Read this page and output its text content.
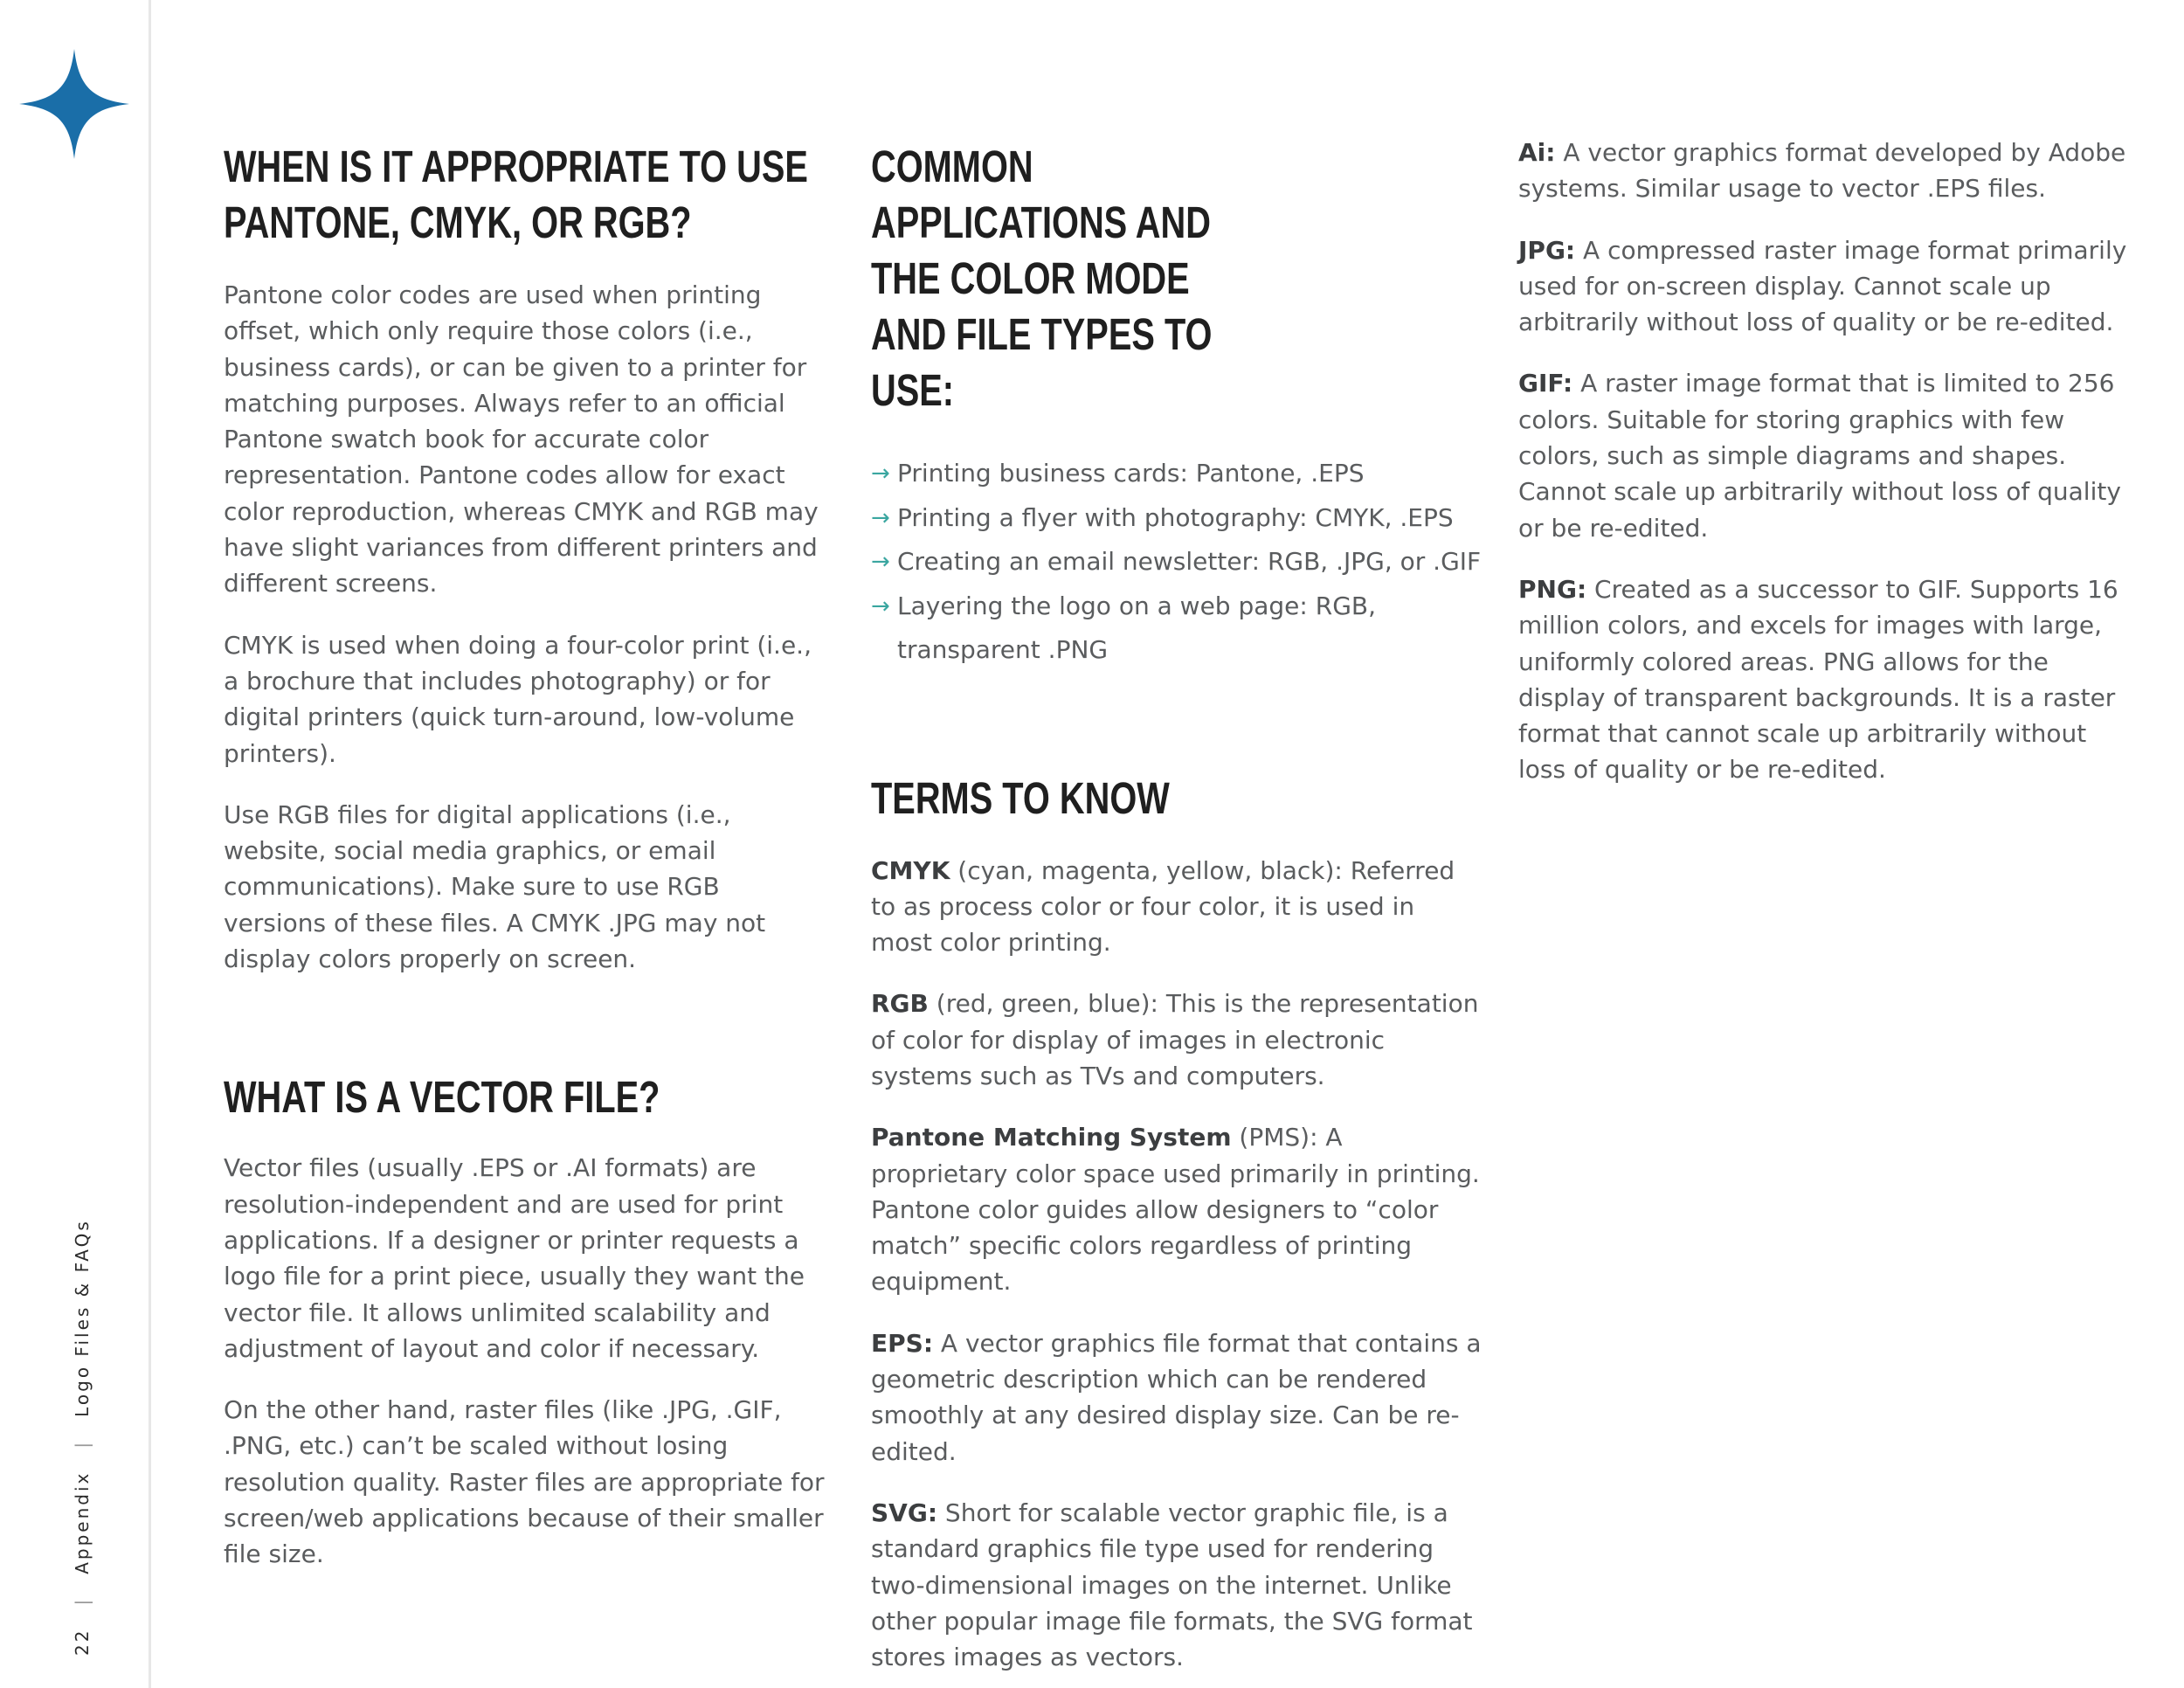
22
|
Appendix
|
Logo Files & FAQs
WHEN IS IT APPROPRIATE TO USE PANTONE, CMYK, OR RGB?

Pantone color codes are used when printing offset, which only require those colors (i.e., business cards), or can be given to a printer for matching purposes. Always refer to an official Pantone swatch book for accurate color representation. Pantone codes allow for exact color reproduction, whereas CMYK and RGB may have slight variances from different printers and different screens.

CMYK is used when doing a four-color print (i.e., a brochure that includes photography) or for digital printers (quick turn-around, low-volume printers).

Use RGB files for digital applications (i.e., website, social media graphics, or email communications). Make sure to use RGB versions of these files. A CMYK .JPG may not display colors properly on screen.

WHAT IS A VECTOR FILE?

Vector files (usually .EPS or .AI formats) are resolution-independent and are used for print applications. If a designer or printer requests a logo file for a print piece, usually they want the vector file. It allows unlimited scalability and adjustment of layout and color if necessary.

On the other hand, raster files (like .JPG, .GIF, .PNG, etc.) can’t be scaled without losing resolution quality. Raster files are appropriate for screen/web applications because of their smaller file size.

COMMON APPLICATIONS AND THE COLOR MODE AND FILE TYPES TO USE:
→ Printing business cards: Pantone, .EPS
→ Printing a flyer with photography: CMYK, .EPS
→ Creating an email newsletter: RGB, .JPG, or .GIF
→ Layering the logo on a web page: RGB, transparent .PNG
TERMS TO KNOW

CMYK (cyan, magenta, yellow, black): Referred to as process color or four color, it is used in most color printing.

RGB (red, green, blue): This is the representation of color for display of images in electronic systems such as TVs and computers.

Pantone Matching System (PMS): A proprietary color space used primarily in printing. Pantone color guides allow designers to “color match” specific colors regardless of printing equipment.

EPS: A vector graphics file format that contains a geometric description which can be rendered smoothly at any desired display size. Can be re-edited.

SVG: Short for scalable vector graphic file, is a standard graphics file type used for rendering two-dimensional images on the internet. Unlike other popular image file formats, the SVG format stores images as vectors.

Ai: A vector graphics format developed by Adobe systems. Similar usage to vector .EPS files.

JPG: A compressed raster image format primarily used for on-screen display. Cannot scale up arbitrarily without loss of quality or be re-edited.

GIF: A raster image format that is limited to 256 colors. Suitable for storing graphics with few colors, such as simple diagrams and shapes. Cannot scale up arbitrarily without loss of quality or be re-edited.

PNG: Created as a successor to GIF. Supports 16 million colors, and excels for images with large, uniformly colored areas. PNG allows for the display of transparent backgrounds. It is a raster format that cannot scale up arbitrarily without loss of quality or be re-edited.
